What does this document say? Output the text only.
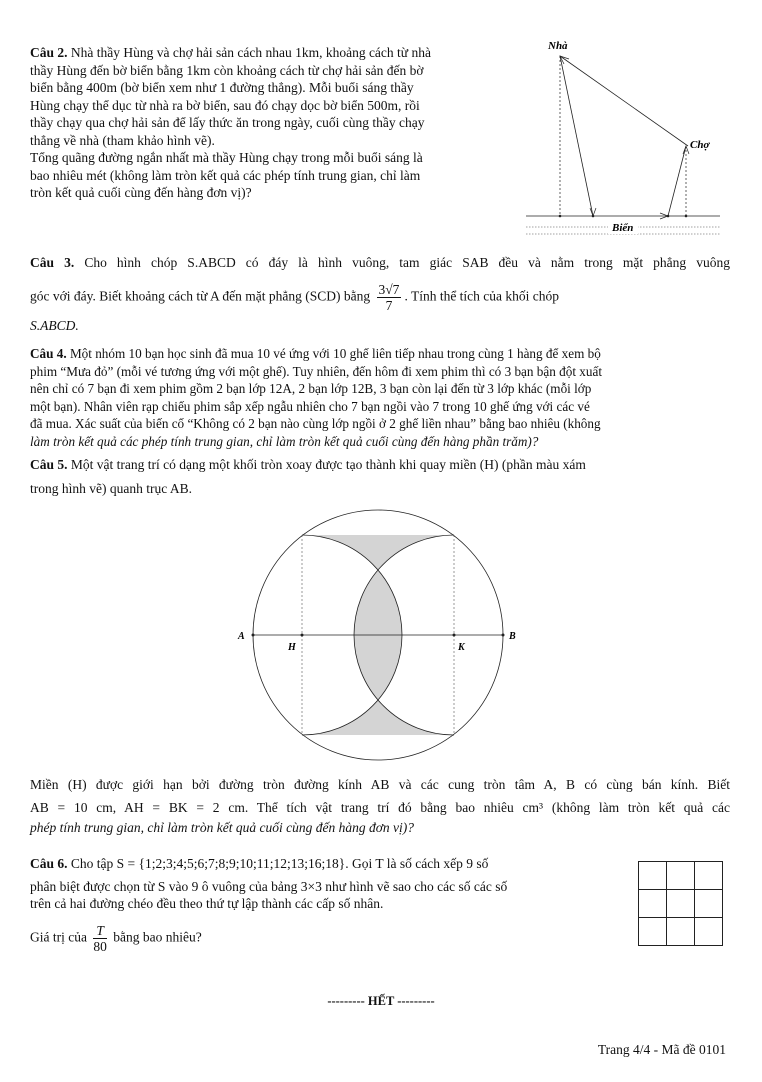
Câu 2. Nhà thầy Hùng và chợ hải sản cách nhau 1km, khoảng cách từ nhà

thầy Hùng đến bờ biển bằng 1km còn khoảng cách từ chợ hải sản đến bờ

biển bằng 400m (bờ biển xem như 1 đường thẳng). Mỗi buổi sáng thầy

Hùng chạy thể dục từ nhà ra bờ biển, sau đó chạy dọc bờ biển 500m, rồi

thầy chạy qua chợ hải sản để lấy thức ăn trong ngày, cuối cùng thầy chạy

thẳng về nhà (tham khảo hình vẽ).

Tổng quãng đường ngắn nhất mà thầy Hùng chạy trong mỗi buổi sáng là

bao nhiêu mét (không làm tròn kết quả các phép tính trung gian, chỉ làm

tròn kết quả cuối cùng đến hàng đơn vị)?

Nhà
Chợ
Biển

Câu 3. Cho hình chóp S.ABCD có đáy là hình vuông, tam giác SAB đều và nằm trong mặt phẳng vuông

góc với đáy. Biết khoảng cách từ A đến mặt phẳng (SCD) bằng $\frac{3√7}{7}$ . Tính thể tích của khối chóp

S.ABCD.

Câu 4. Một nhóm 10 bạn học sinh đã mua 10 vé ứng với 10 ghế liên tiếp nhau trong cùng 1 hàng để xem bộ

phim “Mưa đỏ” (mỗi vé tương ứng với một ghế). Tuy nhiên, đến hôm đi xem phim thì có 3 bạn bận đột xuất

nên chỉ có 7 bạn đi xem phim gồm 2 bạn lớp 12A, 2 bạn lớp 12B, 3 bạn còn lại đến từ 3 lớp khác (mỗi lớp

một bạn). Nhân viên rạp chiếu phim sắp xếp ngẫu nhiên cho 7 bạn ngồi vào 7 trong 10 ghế ứng với các vé

đã mua. Xác suất của biến cố “Không có 2 bạn nào cùng lớp ngồi ở 2 ghế liền nhau” bằng bao nhiêu (không

làm tròn kết quả các phép tính trung gian, chỉ làm tròn kết quả cuối cùng đến hàng phần trăm)?

Câu 5. Một vật trang trí có dạng một khối tròn xoay được tạo thành khi quay miền (H) (phần màu xám

trong hình vẽ) quanh trục AB.

A	B
H	K

Miền (H) được giới hạn bởi đường tròn đường kính AB và các cung tròn tâm A, B có cùng bán kính. Biết

AB = 10 cm, AH = BK = 2 cm. Thể tích vật trang trí đó bằng bao nhiêu cm³ (không làm tròn kết quả các

phép tính trung gian, chỉ làm tròn kết quả cuối cùng đến hàng đơn vị)?

Câu 6. Cho tập S = {1;2;3;4;5;6;7;8;9;10;11;12;13;16;18}. Gọi T là số cách xếp 9 số

phân biệt được chọn từ S vào 9 ô vuông của bảng 3×3 như hình vẽ sao cho các số các số

trên cả hai đường chéo đều theo thứ tự lập thành các cấp số nhân.

Giá trị của $\frac{T}{80}$ bằng bao nhiêu?

--------- HẾT ---------
Trang 4/4 - Mã đề 0101
